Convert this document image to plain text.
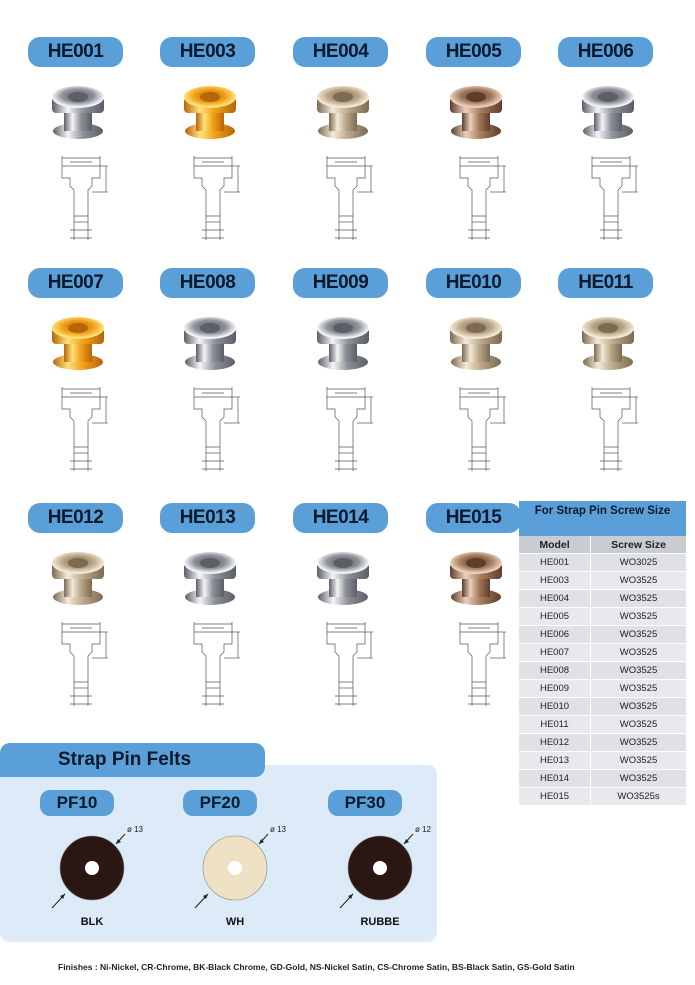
HE001	HE003	HE004	HE005	HE006
HE007	HE008	HE009	HE010	HE011
HE012	HE013	HE014	HE015	For Strap Pin Screw Size
Model	Screw Size
HE001	WO3025
HE003	WO3525
HE004	WO3525
HE005	WO3525
HE006	WO3525
HE007	WO3525
HE008	WO3525
HE009	WO3525
HE010	WO3525
HE011	WO3525
HE012	WO3525
HE013	WO3525
HE014	WO3525
HE015	WO3525s
Strap Pin Felts
PF10
ø 13
BLK
PF20
ø 13
WH
PF30
ø 12
RUBBE
Finishes : Ni-Nickel, CR-Chrome, BK-Black Chrome, GD-Gold, NS-Nickel Satin, CS-Chrome Satin, BS-Black Satin, GS-Gold Satin
